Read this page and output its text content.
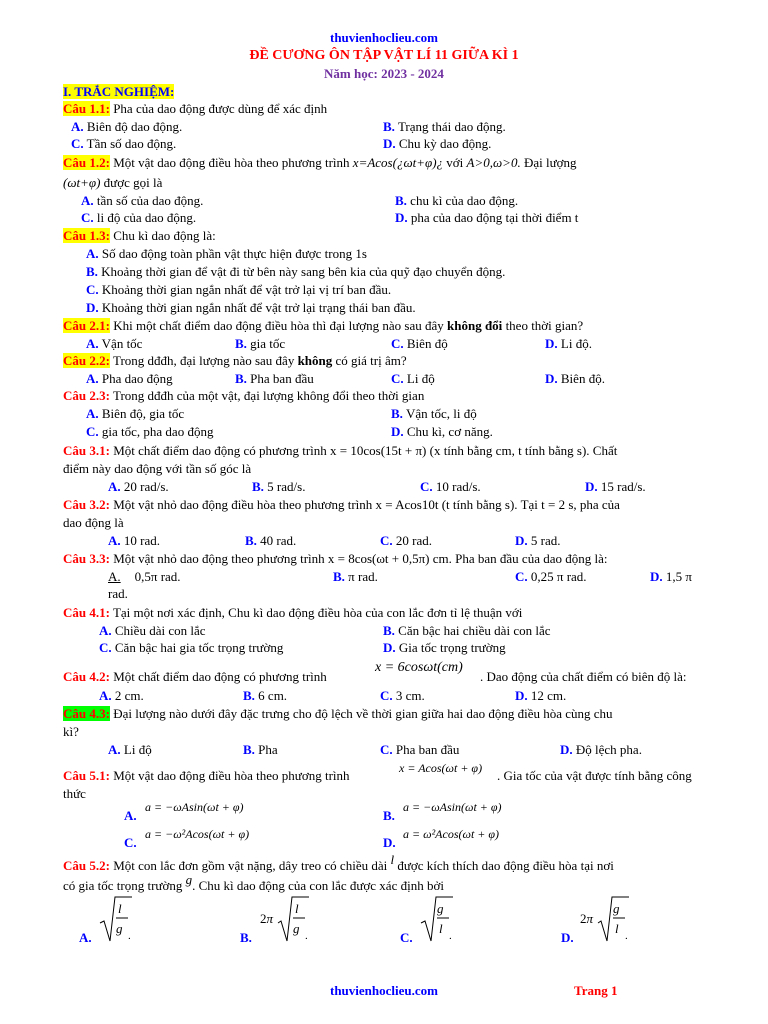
thuvienhoclieu.com
ĐỀ CƯƠNG ÔN TẬP VẬT LÍ 11 GIỮA KÌ 1
Năm học: 2023 - 2024
I. TRẮC NGHIỆM:
Câu 1.1: Pha của dao động được dùng để xác định
A. Biên độ dao động.	B. Trạng thái dao động.
C. Tần số dao động.	D. Chu kỳ dao động.
Câu 1.2: Một vật dao động điều hòa theo phương trình x=Acos(¿ωt+φ)¿ với A>0,ω>0. Đại lượng
(ωt+φ) được gọi là
A. tần số của dao động.	B. chu kì của dao động.
C. li độ của dao động.	D. pha của dao động tại thời điểm t
Câu 1.3: Chu kì dao động là:
A. Số dao động toàn phần vật thực hiện được trong 1s
B. Khoảng thời gian để vật đi từ bên này sang bên kia của quỹ đạo chuyển động.
C. Khoảng thời gian ngắn nhất để vật trở lại vị trí ban đầu.
D. Khoảng thời gian ngắn nhất để vật trở lại trạng thái ban đầu.
Câu 2.1: Khi một chất điểm dao động điều hòa thì đại lượng nào sau đây không đổi theo thời gian?
A. Vận tốc	B. gia tốc	C. Biên độ	D. Li độ.
Câu 2.2: Trong dđđh, đại lượng nào sau đây không có giá trị âm?
A. Pha dao động	B. Pha ban đầu	C. Li độ	D. Biên độ.
Câu 2.3: Trong dđđh của một vật, đại lượng không đổi theo thời gian
A. Biên độ, gia tốc	B. Vận tốc, li độ
C. gia tốc, pha dao động	D. Chu kì, cơ năng.
Câu 3.1: Một chất điểm dao động có phương trình x = 10cos(15t + π) (x tính bằng cm, t tính bằng s). Chất
điểm này dao động với tần số góc là
A. 20 rad/s.	B. 5 rad/s.	C. 10 rad/s.	D. 15 rad/s.
Câu 3.2: Một vật nhỏ dao động điều hòa theo phương trình x = Acos10t (t tính bằng s). Tại t = 2 s, pha của
dao động là
A. 10 rad.	B. 40 rad.	C. 20 rad.	D. 5 rad.
Câu 3.3: Một vật nhỏ dao động theo phương trình x = 8cos(ωt + 0,5π) cm. Pha ban đầu của dao động là:
A. 0,5π rad.	B. π rad.	C. 0,25 π rad.	D. 1,5 π
rad.
Câu 4.1: Tại một nơi xác định, Chu kì dao động điều hòa của con lắc đơn tỉ lệ thuận với
A. Chiều dài con lắc	B. Căn bậc hai chiều dài con lắc
C. Căn bậc hai gia tốc trọng trường	D. Gia tốc trọng trường
Câu 4.2: Một chất điểm dao động có phương trình
x = 6cosωt(cm)
. Dao động của chất điểm có biên độ là:
A. 2 cm.	B. 6 cm.	C. 3 cm.	D. 12 cm.
Câu 4.3: Đại lượng nào dưới đây đặc trưng cho độ lệch về thời gian giữa hai dao động điều hòa cùng chu
kì?
A. Li độ	B. Pha	C. Pha ban đầu	D. Độ lệch pha.
Câu 5.1: Một vật dao động điều hòa theo phương trình	x = Acos(ωt + φ) . Gia tốc của vật được tính bằng công
thức
A.
a = −ωAsin(ωt + φ)
B.
a = −ωAsin(ωt + φ)
C.
a = −ω²Acos(ωt + φ)
D.
a = ω²Acos(ωt + φ)
Câu 5.2: Một con lắc đơn gồm vật nặng, dây treo có chiều dài l được kích thích dao động điều hòa tại nơi
có gia tốc trọng trường g. Chu kì dao động của con lắc được xác định bởi
A.
l
g .	B.
2π
l
g .	C.
g
l .	D.
2π
g
l .
thuvienhoclieu.com	Trang 1
